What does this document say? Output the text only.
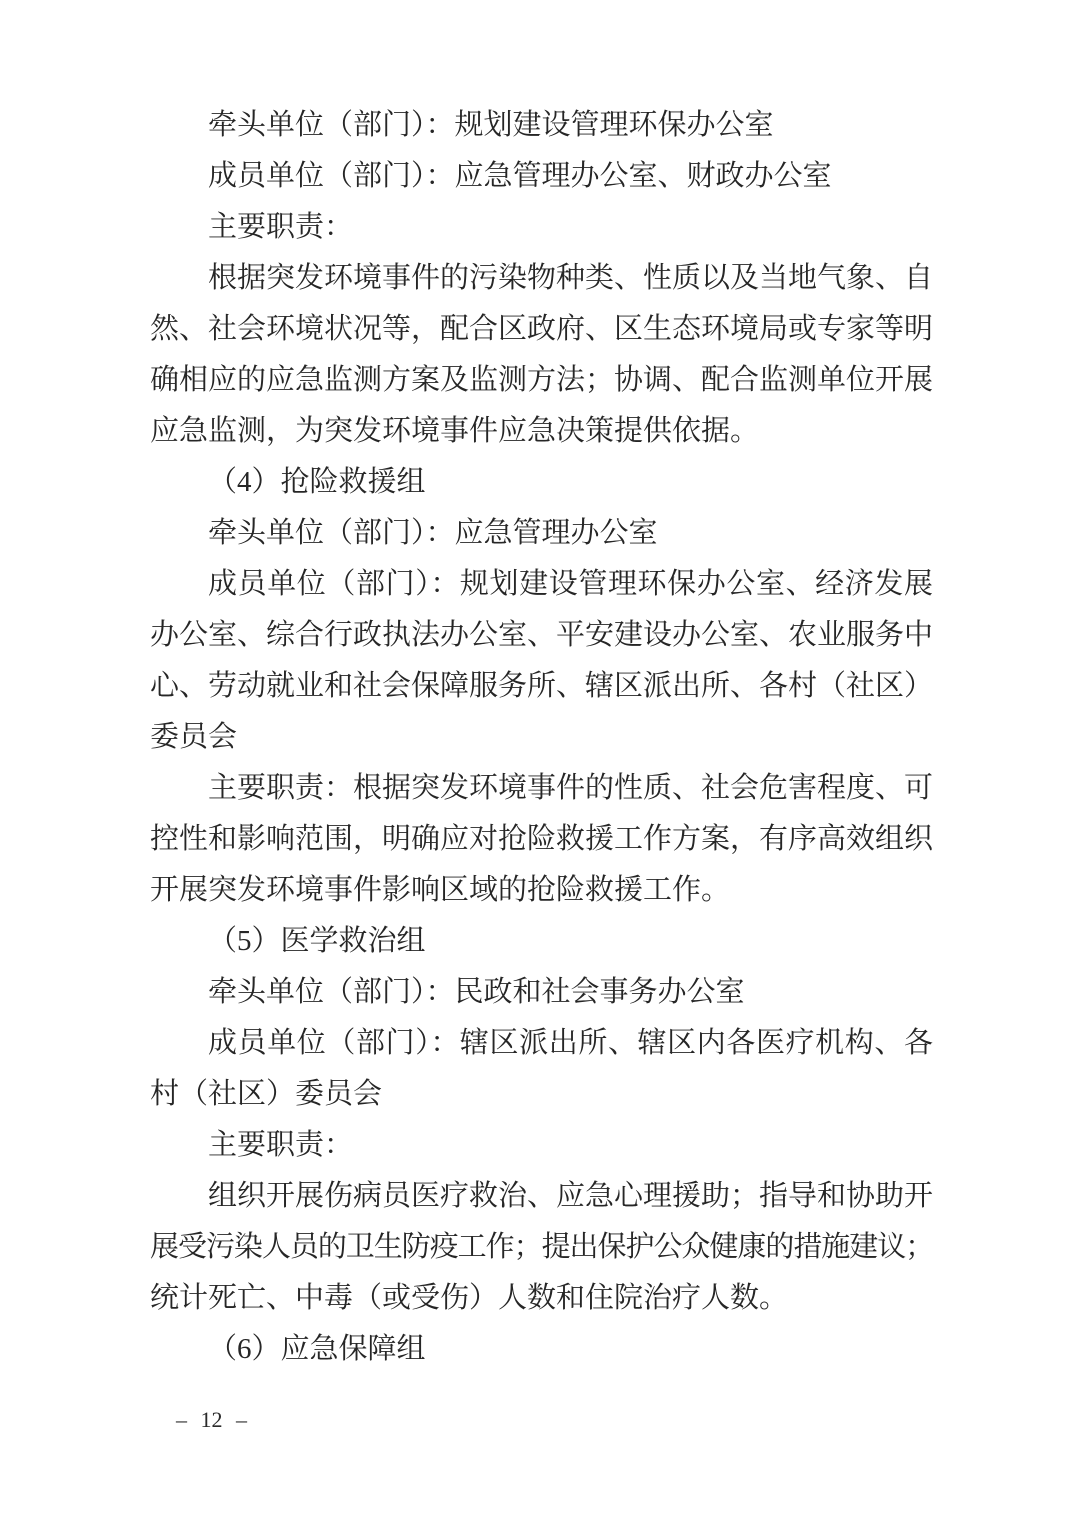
牵头单位（部门）：规划建设管理环保办公室
成员单位（部门）：应急管理办公室、财政办公室
主要职责：
根据突发环境事件的污染物种类、性质以及当地气象、自
然、社会环境状况等，配合区政府、区生态环境局或专家等明
确相应的应急监测方案及监测方法；协调、配合监测单位开展
应急监测，为突发环境事件应急决策提供依据。
（4）抢险救援组
牵头单位（部门）：应急管理办公室
成员单位（部门）：规划建设管理环保办公室、经济发展
办公室、综合行政执法办公室、平安建设办公室、农业服务中
心、劳动就业和社会保障服务所、辖区派出所、各村（社区）
委员会
主要职责：根据突发环境事件的性质、社会危害程度、可
控性和影响范围，明确应对抢险救援工作方案，有序高效组织
开展突发环境事件影响区域的抢险救援工作。
（5）医学救治组
牵头单位（部门）：民政和社会事务办公室
成员单位（部门）：辖区派出所、辖区内各医疗机构、各
村（社区）委员会
主要职责：
组织开展伤病员医疗救治、应急心理援助；指导和协助开
展受污染人员的卫生防疫工作；提出保护公众健康的措施建议；
统计死亡、中毒（或受伤）人数和住院治疗人数。
（6）应急保障组
– 12 –
